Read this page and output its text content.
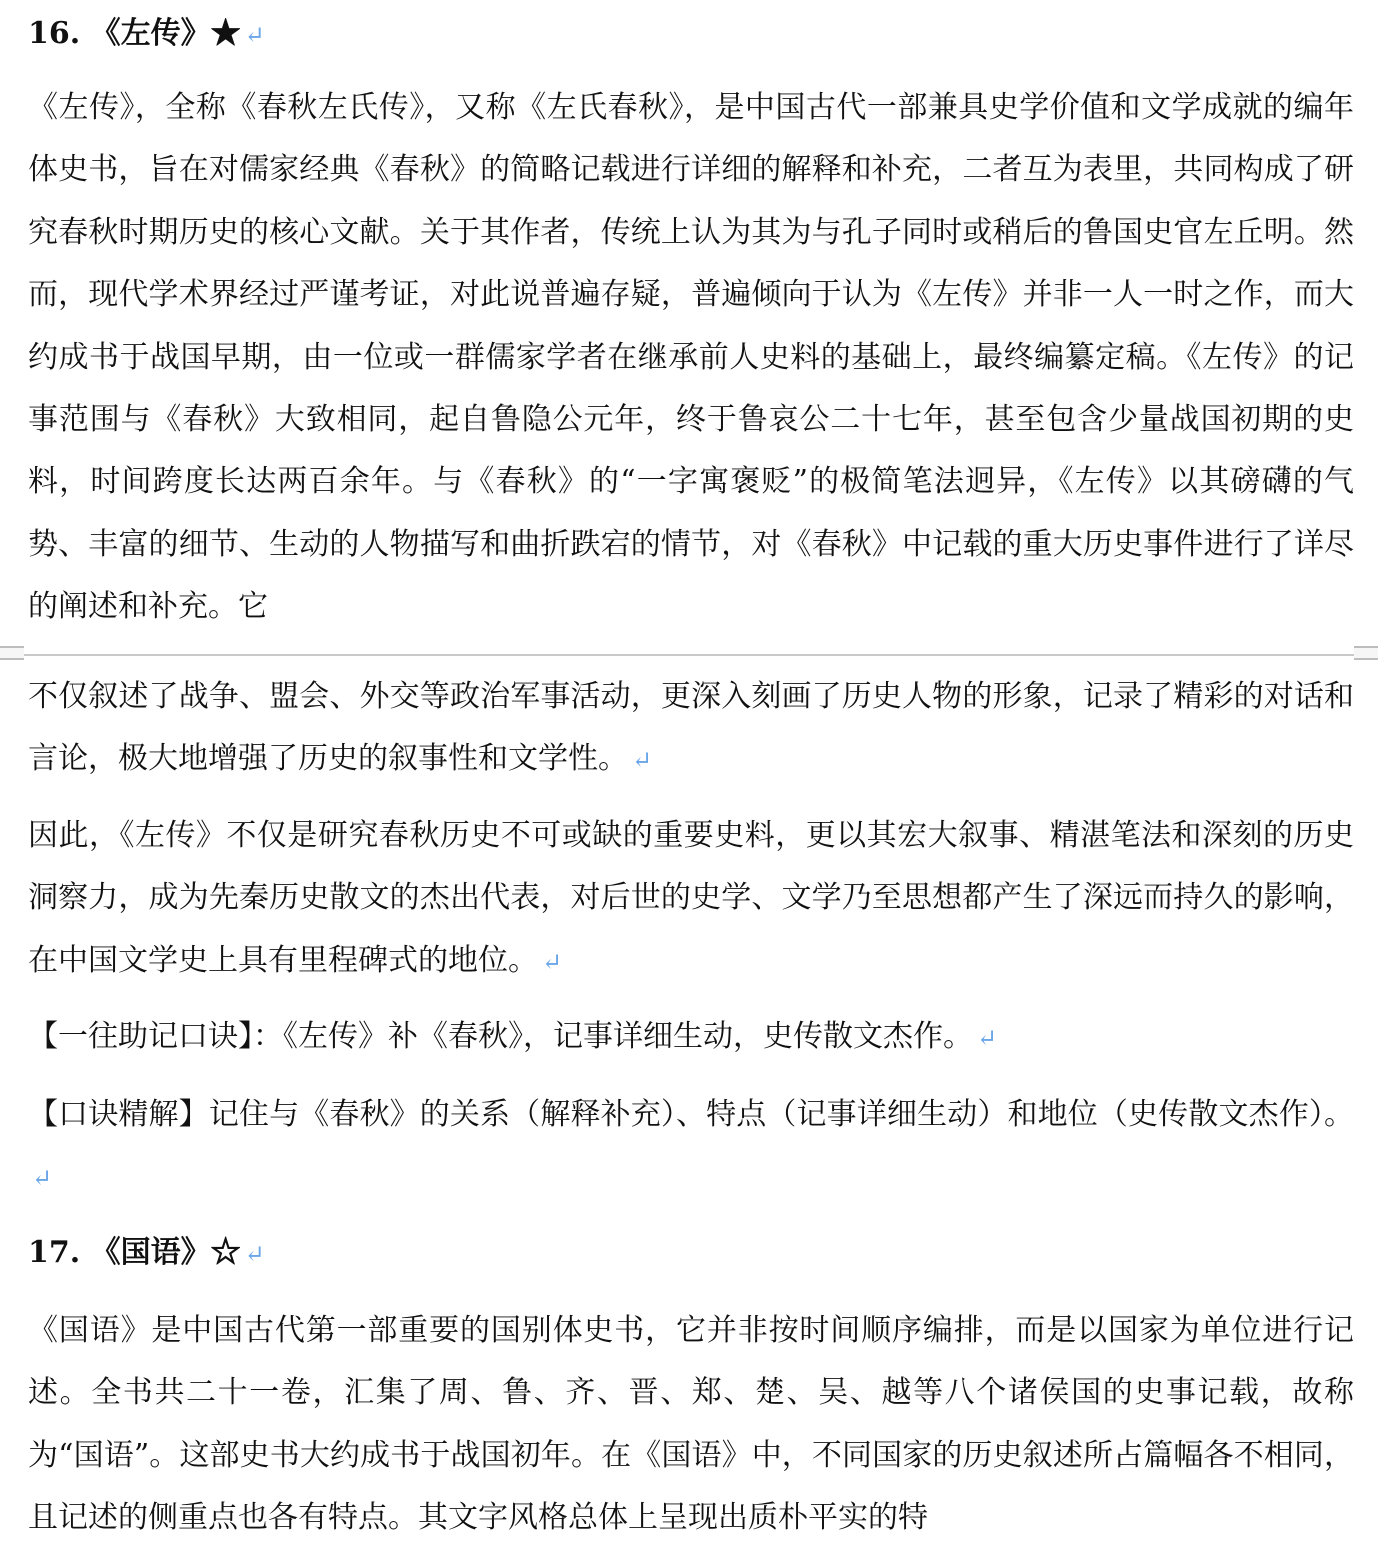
16. 《左传》★ ↵
《左传》，全称《春秋左氏传》，又称《左氏春秋》，是中国古代一部兼具史学价值和文学成就的编年体史书，旨在对儒家经典《春秋》的简略记载进行详细的解释和补充，二者互为表里，共同构成了研究春秋时期历史的核心文献。关于其作者，传统上认为其为与孔子同时或稍后的鲁国史官左丘明。然而，现代学术界经过严谨考证，对此说普遍存疑，普遍倾向于认为《左传》并非一人一时之作，而大约成书于战国早期，由一位或一群儒家学者在继承前人史料的基础上，最终编纂定稿。《左传》的记事范围与《春秋》大致相同，起自鲁隐公元年，终于鲁哀公二十七年，甚至包含少量战国初期的史料，时间跨度长达两百余年。与《春秋》的“一字寓褒贬”的极简笔法迥异，《左传》以其磅礴的气势、丰富的细节、生动的人物描写和曲折跌宕的情节，对《春秋》中记载的重大历史事件进行了详尽的阐述和补充。它
不仅叙述了战争、盟会、外交等政治军事活动，更深入刻画了历史人物的形象，记录了精彩的对话和言论，极大地增强了历史的叙事性和文学性。 ↵
因此，《左传》不仅是研究春秋历史不可或缺的重要史料，更以其宏大叙事、精湛笔法和深刻的历史洞察力，成为先秦历史散文的杰出代表，对后世的史学、文学乃至思想都产生了深远而持久的影响，在中国文学史上具有里程碑式的地位。 ↵
【一往助记口诀】：《左传》补《春秋》，记事详细生动，史传散文杰作。 ↵
【口诀精解】记住与《春秋》的关系（解释补充）、特点（记事详细生动）和地位（史传散文杰作）。↵
17. 《国语》☆ ↵
《国语》是中国古代第一部重要的国别体史书，它并非按时间顺序编排，而是以国家为单位进行记述。全书共二十一卷，汇集了周、鲁、齐、晋、郑、楚、吴、越等八个诸侯国的史事记载，故称为“国语”。这部史书大约成书于战国初年。在《国语》中，不同国家的历史叙述所占篇幅各不相同，且记述的侧重点也各有特点。其文字风格总体上呈现出质朴平实的特
